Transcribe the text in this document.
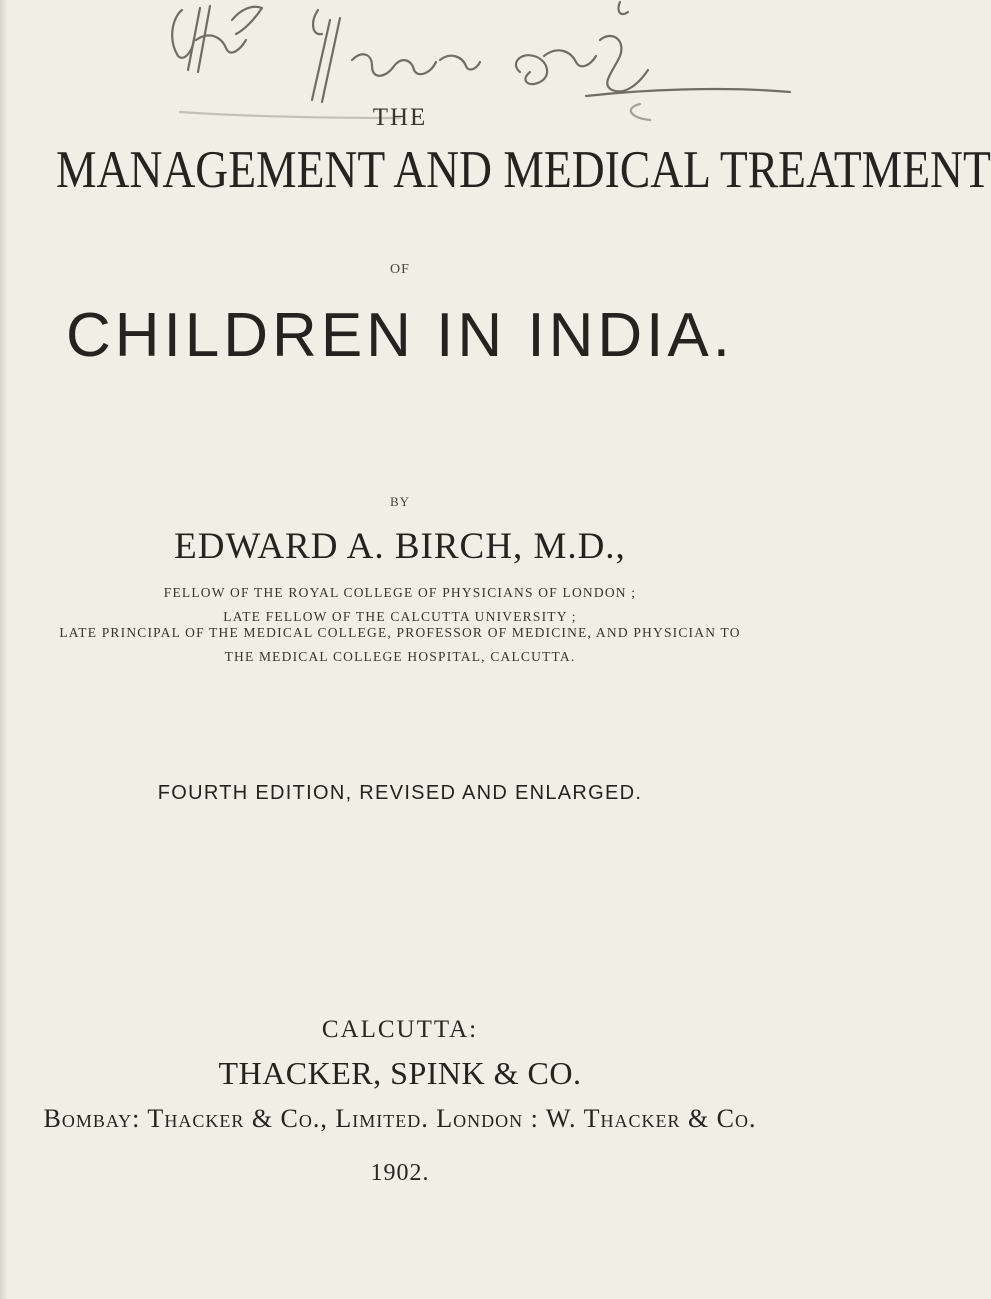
THE
MANAGEMENT AND MEDICAL TREATMENT
OF
CHILDREN IN INDIA.
BY
EDWARD A. BIRCH, M.D.,
FELLOW OF THE ROYAL COLLEGE OF PHYSICIANS OF LONDON ;
LATE FELLOW OF THE CALCUTTA UNIVERSITY ;
LATE PRINCIPAL OF THE MEDICAL COLLEGE, PROFESSOR OF MEDICINE, AND PHYSICIAN TO
THE MEDICAL COLLEGE HOSPITAL, CALCUTTA.
FOURTH EDITION, REVISED AND ENLARGED.
CALCUTTA:
THACKER, SPINK & CO.
Bombay: Thacker & Co., Limited. London : W. Thacker & Co.
1902.
